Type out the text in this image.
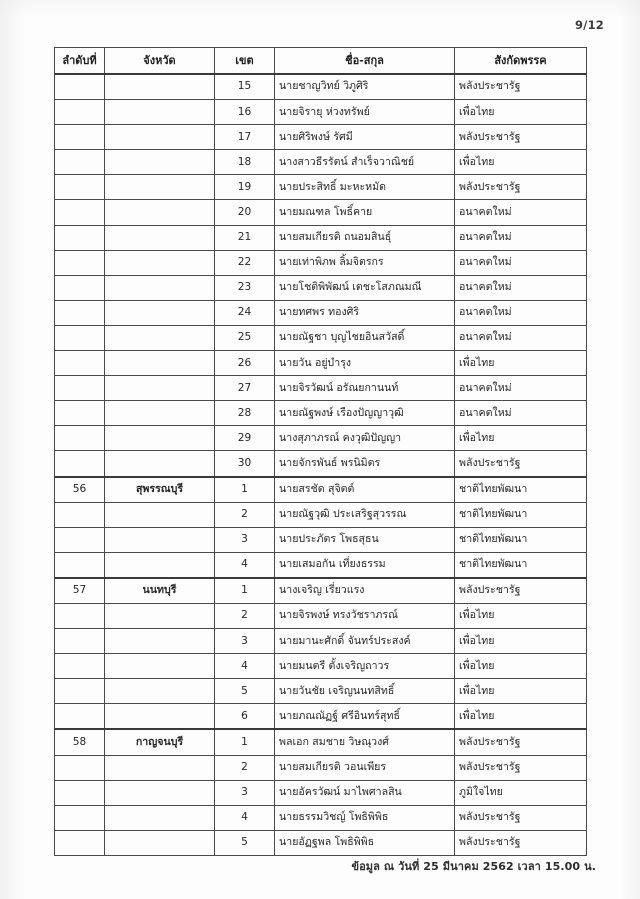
9/12
ลำดับที่	จังหวัด	เขต	ชื่อ-สกุล	สังกัดพรรค
		15	นายชาญวิทย์ วิภูศิริ	พลังประชารัฐ
		16	นายจิรายุ ห่วงทรัพย์	เพื่อไทย
		17	นายศิริพงษ์ รัศมี	พลังประชารัฐ
		18	นางสาวธีรรัตน์ สำเร็จวาณิชย์	เพื่อไทย
		19	นายประสิทธิ์ มะหะหมัด	พลังประชารัฐ
		20	นายมณฑล โพธิ์คาย	อนาคตใหม่
		21	นายสมเกียรติ ถนอมสินธุ์	อนาคตใหม่
		22	นายเท่าพิภพ ลิ้มจิตรกร	อนาคตใหม่
		23	นายโชติพิพัฒน์ เตชะโสภณมณี	อนาคตใหม่
		24	นายทศพร ทองศิริ	อนาคตใหม่
		25	นายณัฐชา บุญไชยอินสวัสดิ์	อนาคตใหม่
		26	นายวัน อยู่บำรุง	เพื่อไทย
		27	นายจิรวัฒน์ อรัณยกานนท์	อนาคตใหม่
		28	นายณัฐพงษ์ เรืองปัญญาวุฒิ	อนาคตใหม่
		29	นางสุภาภรณ์ คงวุฒิปัญญา	เพื่อไทย
		30	นายจักรพันธ์ พรนิมิตร	พลังประชารัฐ
56	สุพรรณบุรี	1	นายสรชัด สุจิตต์	ชาติไทยพัฒนา
		2	นายณัฐวุฒิ ประเสริฐสุวรรณ	ชาติไทยพัฒนา
		3	นายประภัตร โพธสุธน	ชาติไทยพัฒนา
		4	นายเสมอกัน เที่ยงธรรม	ชาติไทยพัฒนา
57	นนทบุรี	1	นางเจริญ เรี่ยวแรง	พลังประชารัฐ
		2	นายจิรพงษ์ ทรงวัชราภรณ์	เพื่อไทย
		3	นายมานะศักดิ์ จันทร์ประสงค์	เพื่อไทย
		4	นายมนตรี ตั้งเจริญถาวร	เพื่อไทย
		5	นายวันชัย เจริญนนทสิทธิ์	เพื่อไทย
		6	นายภณณัฏฐ์ ศรีอินทร์สุทธิ์	เพื่อไทย
58	กาญจนบุรี	1	พลเอก สมชาย วิษณุวงศ์	พลังประชารัฐ
		2	นายสมเกียรติ วอนเพียร	พลังประชารัฐ
		3	นายอัครวัฒน์ มาไพศาลสิน	ภูมิใจไทย
		4	นายธรรมวิชญ์ โพธิพิพิธ	พลังประชารัฐ
		5	นายอัฏฐพล โพธิพิพิธ	พลังประชารัฐ
ข้อมูล ณ วันที่ 25 มีนาคม 2562 เวลา 15.00 น.
